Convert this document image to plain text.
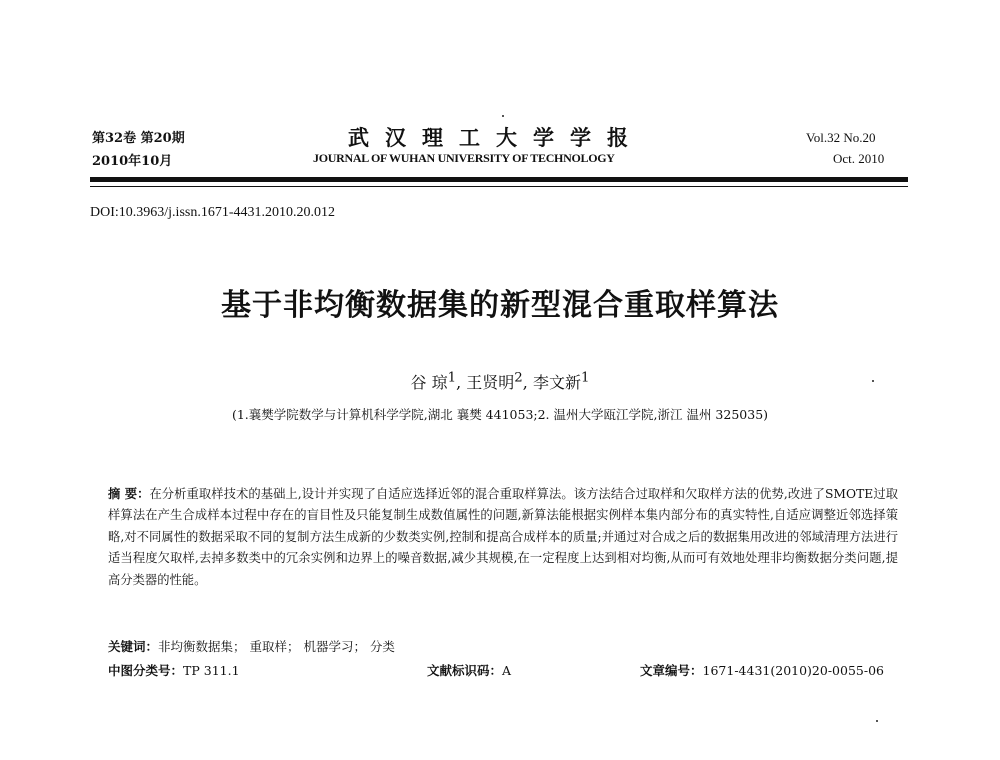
第32卷 第20期
2010年10月
武汉理工大学学报
JOURNAL OF WUHAN UNIVERSITY OF TECHNOLOGY
Vol.32 No.20
Oct. 2010
DOI:10.3963/j.issn.1671-4431.2010.20.012
基于非均衡数据集的新型混合重取样算法
谷 琼$^1$, 王贤明$^2$, 李文新$^1$
(1.襄樊学院数学与计算机科学学院,湖北 襄樊 441053;2. 温州大学瓯江学院,浙江 温州 325035)
摘 要：在分析重取样技术的基础上,设计并实现了自适应选择近邻的混合重取样算法。该方法结合过取样和欠取样方法的优势,改进了SMOTE过取样算法在产生合成样本过程中存在的盲目性及只能复制生成数值属性的问题,新算法能根据实例样本集内部分布的真实特性,自适应调整近邻选择策略,对不同属性的数据采取不同的复制方法生成新的少数类实例,控制和提高合成样本的质量;并通过对合成之后的数据集用改进的邻域清理方法进行适当程度欠取样,去掉多数类中的冗余实例和边界上的噪音数据,减少其规模,在一定程度上达到相对均衡,从而可有效地处理非均衡数据分类问题,提高分类器的性能。
关键词：非均衡数据集； 重取样； 机器学习； 分类
中图分类号：TP 311.1	文献标识码：A	文章编号：1671-4431(2010)20-0055-06
